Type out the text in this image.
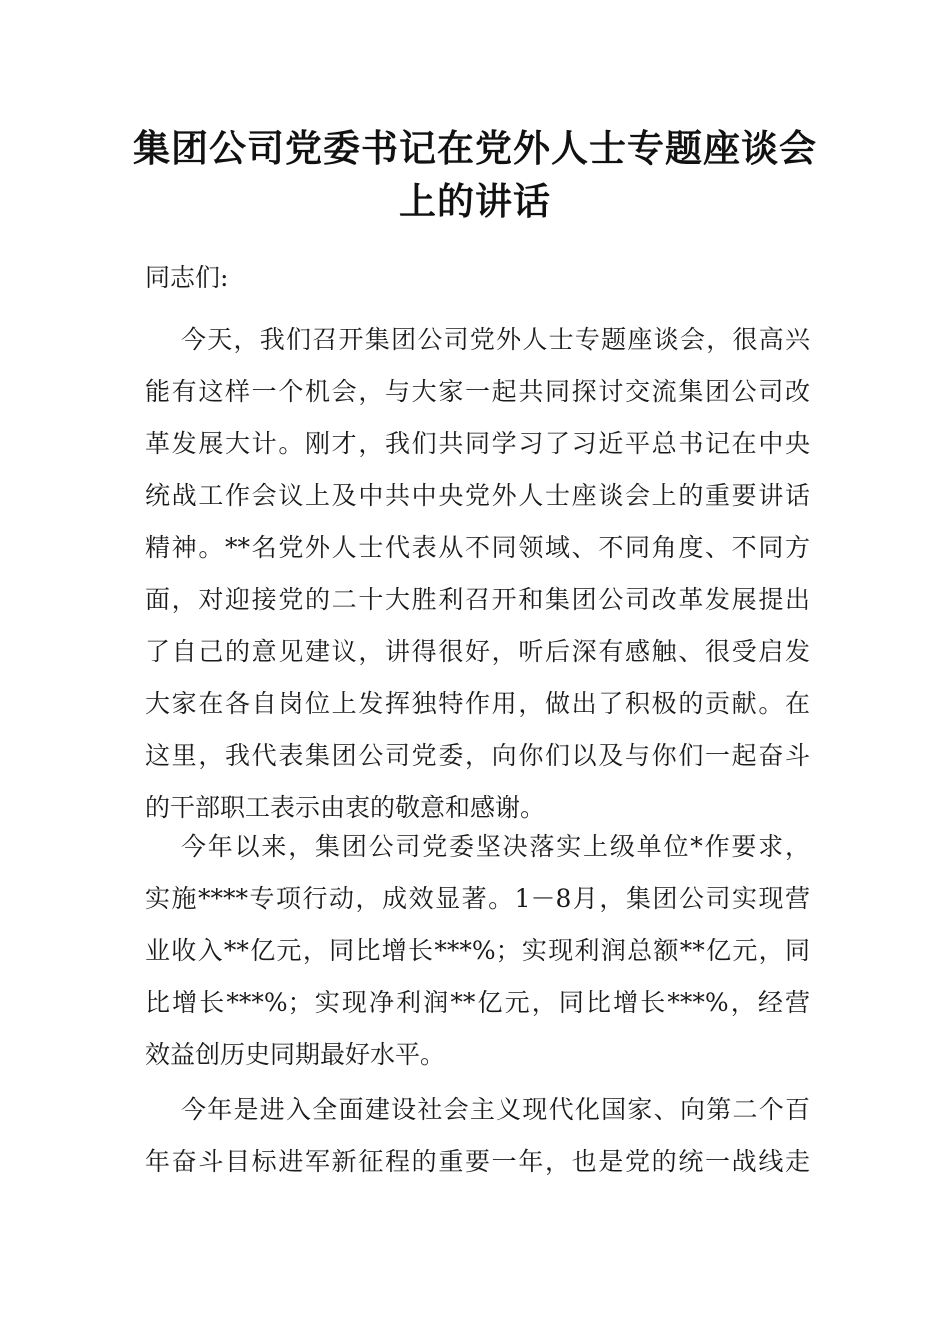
集团公司党委书记在党外人士专题座谈会
上的讲话
同志们:
今天，我们召开集团公司党外人士专题座谈会，很高兴
能有这样一个机会，与大家一起共同探讨交流集团公司改
革发展大计。刚才，我们共同学习了习近平总书记在中央
统战工作会议上及中共中央党外人士座谈会上的重要讲话
精神。**名党外人士代表从不同领域、不同角度、不同方
面，对迎接党的二十大胜利召开和集团公司改革发展提出
了自己的意见建议，讲得很好，听后深有感触、很受启发
大家在各自岗位上发挥独特作用，做出了积极的贡献。在
这里，我代表集团公司党委，向你们以及与你们一起奋斗
的干部职工表示由衷的敬意和感谢。
今年以来，集团公司党委坚决落实上级单位*作要求，
实施****专项行动，成效显著。1－8月，集团公司实现营
业收入**亿元，同比增长***%；实现利润总额**亿元，同
比增长***%；实现净利润**亿元，同比增长***%，经营
效益创历史同期最好水平。
今年是进入全面建设社会主义现代化国家、向第二个百
年奋斗目标进军新征程的重要一年，也是党的统一战线走
